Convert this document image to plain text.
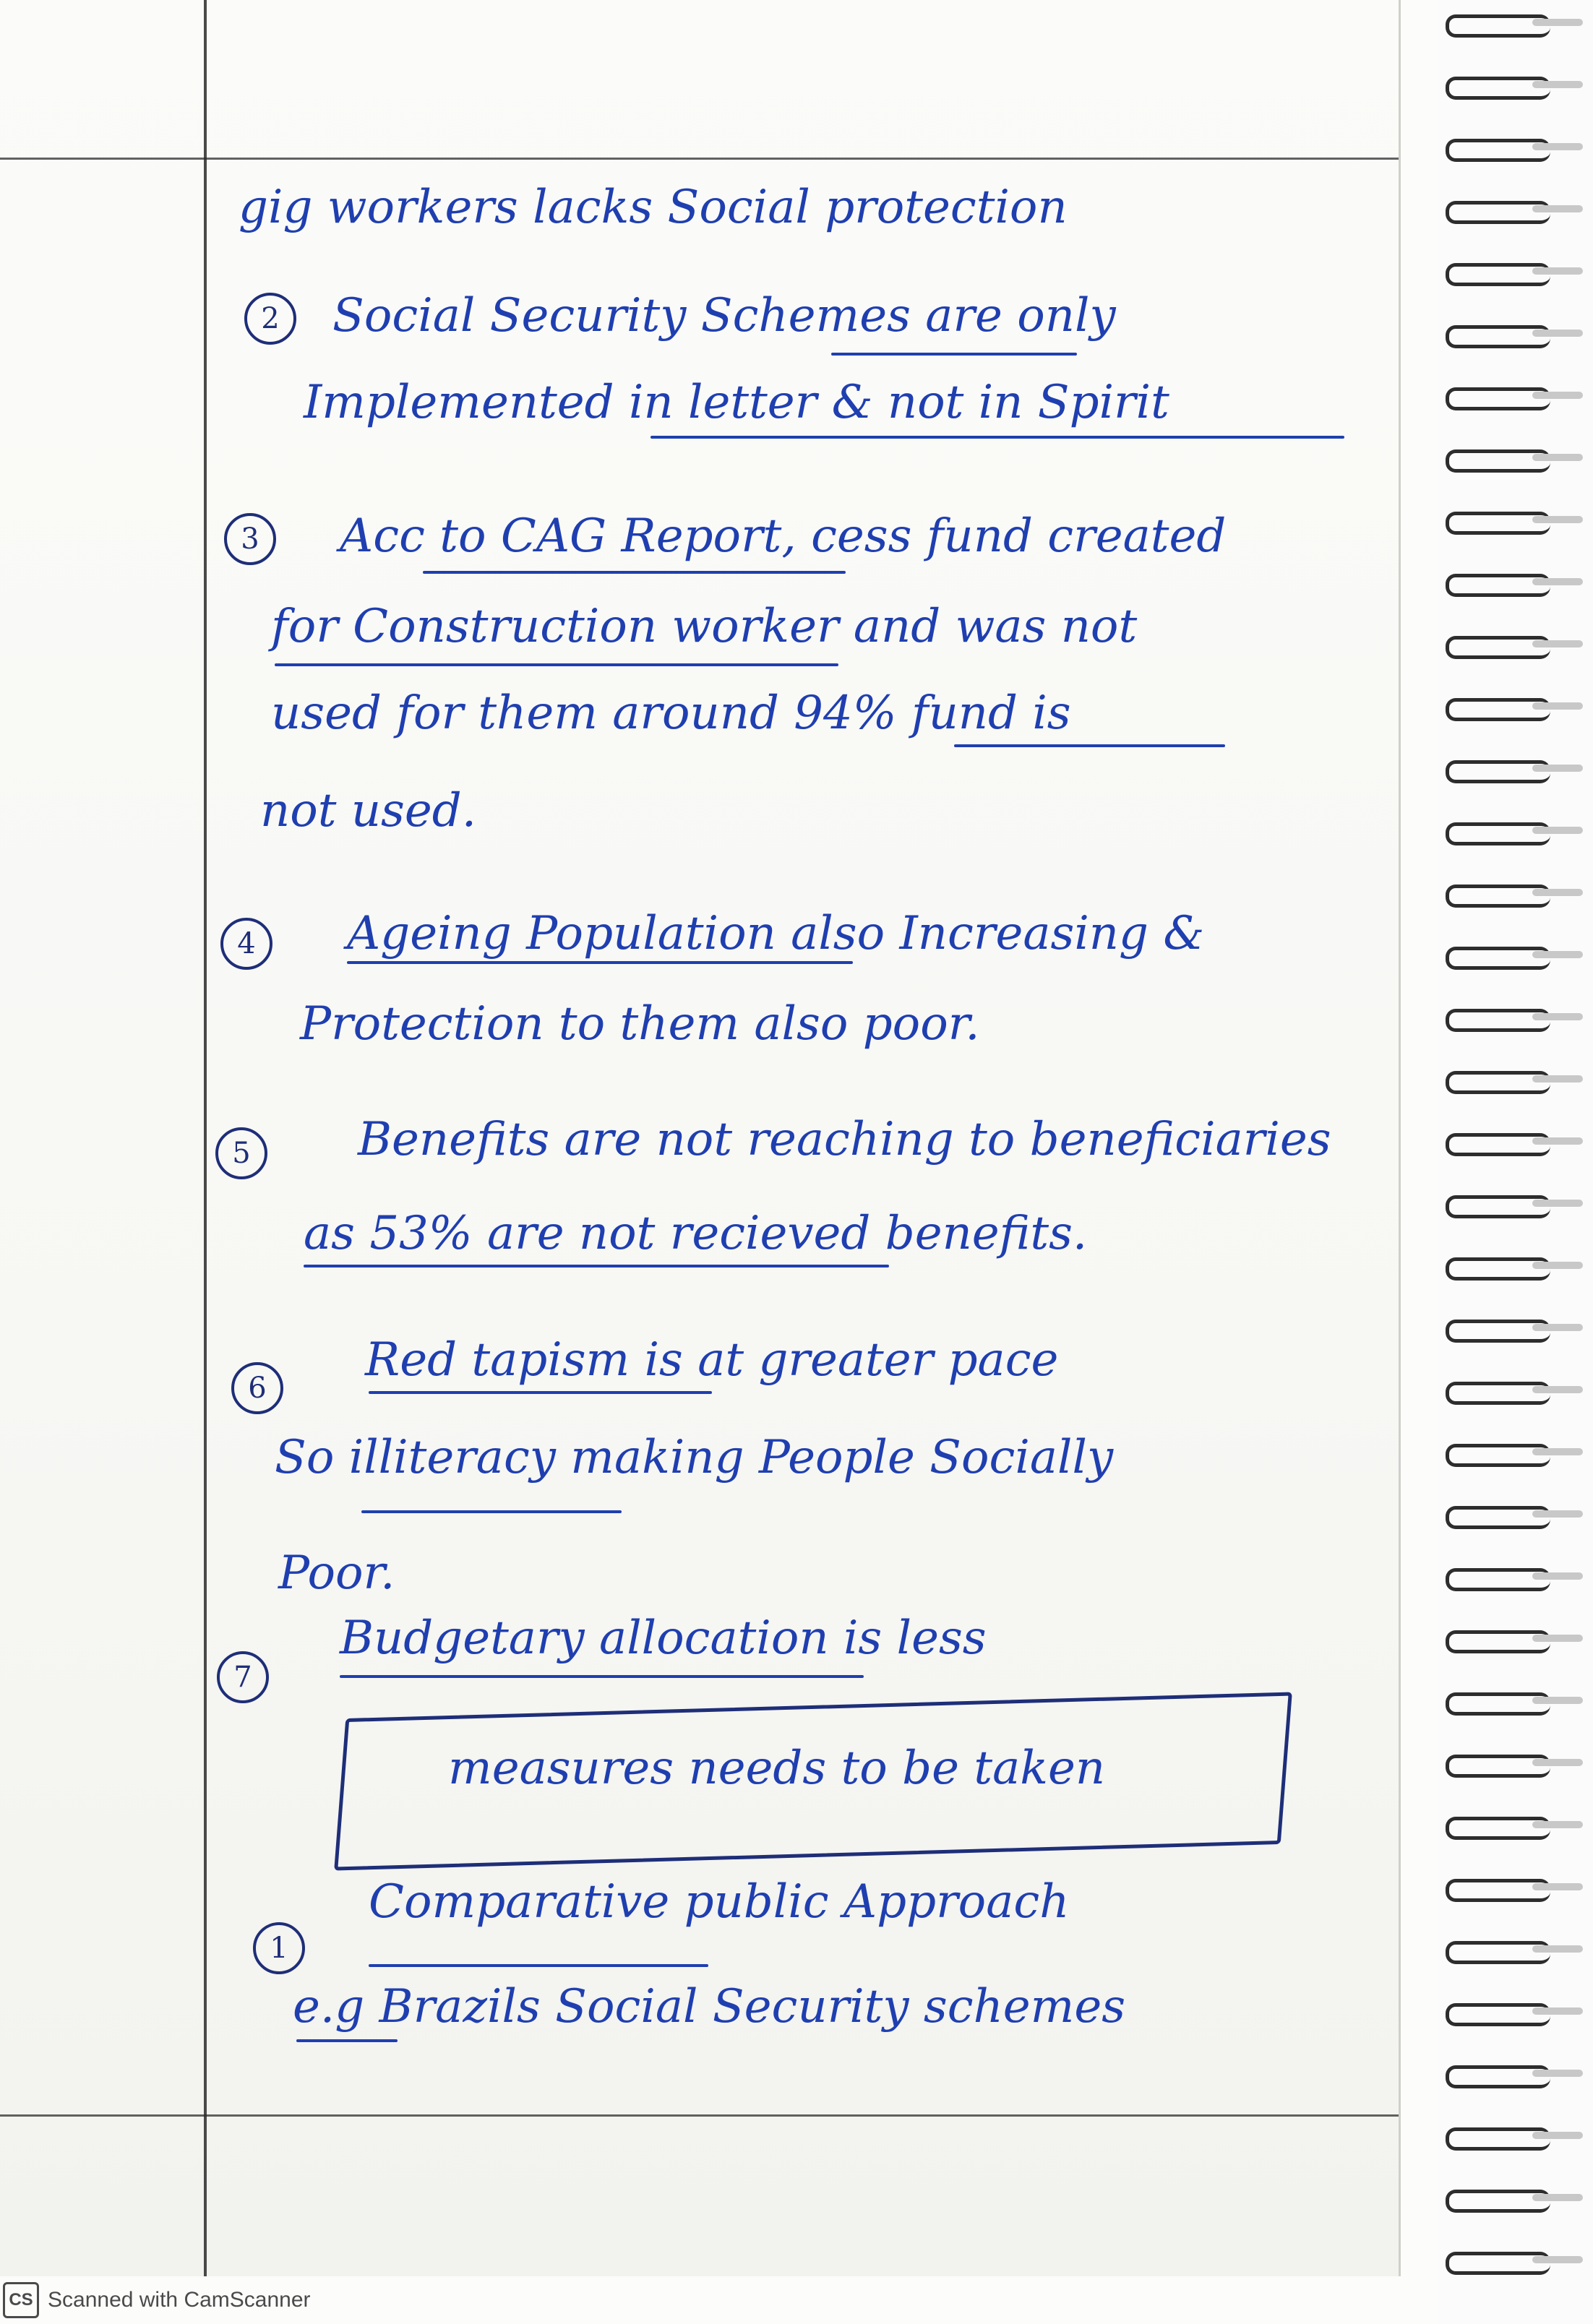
gig workers lacks Social protection

2	Social Security Schemes are only

Implemented in letter & not in Spirit

3	Acc to CAG Report, cess fund created

for Construction worker and was not

used for them around 94% fund is

not used.

4	Ageing Population also Increasing &

Protection to them also poor.

5	Benefits are not reaching to beneficiaries

as 53% are not recieved benefits.

6

Red tapism is at greater pace

So illiteracy making People Socially

Poor.

7

Budgetary allocation is less

measures needs to be taken

1

Comparative public Approach

e.g Brazils Social Security schemes

CS Scanned with CamScanner
